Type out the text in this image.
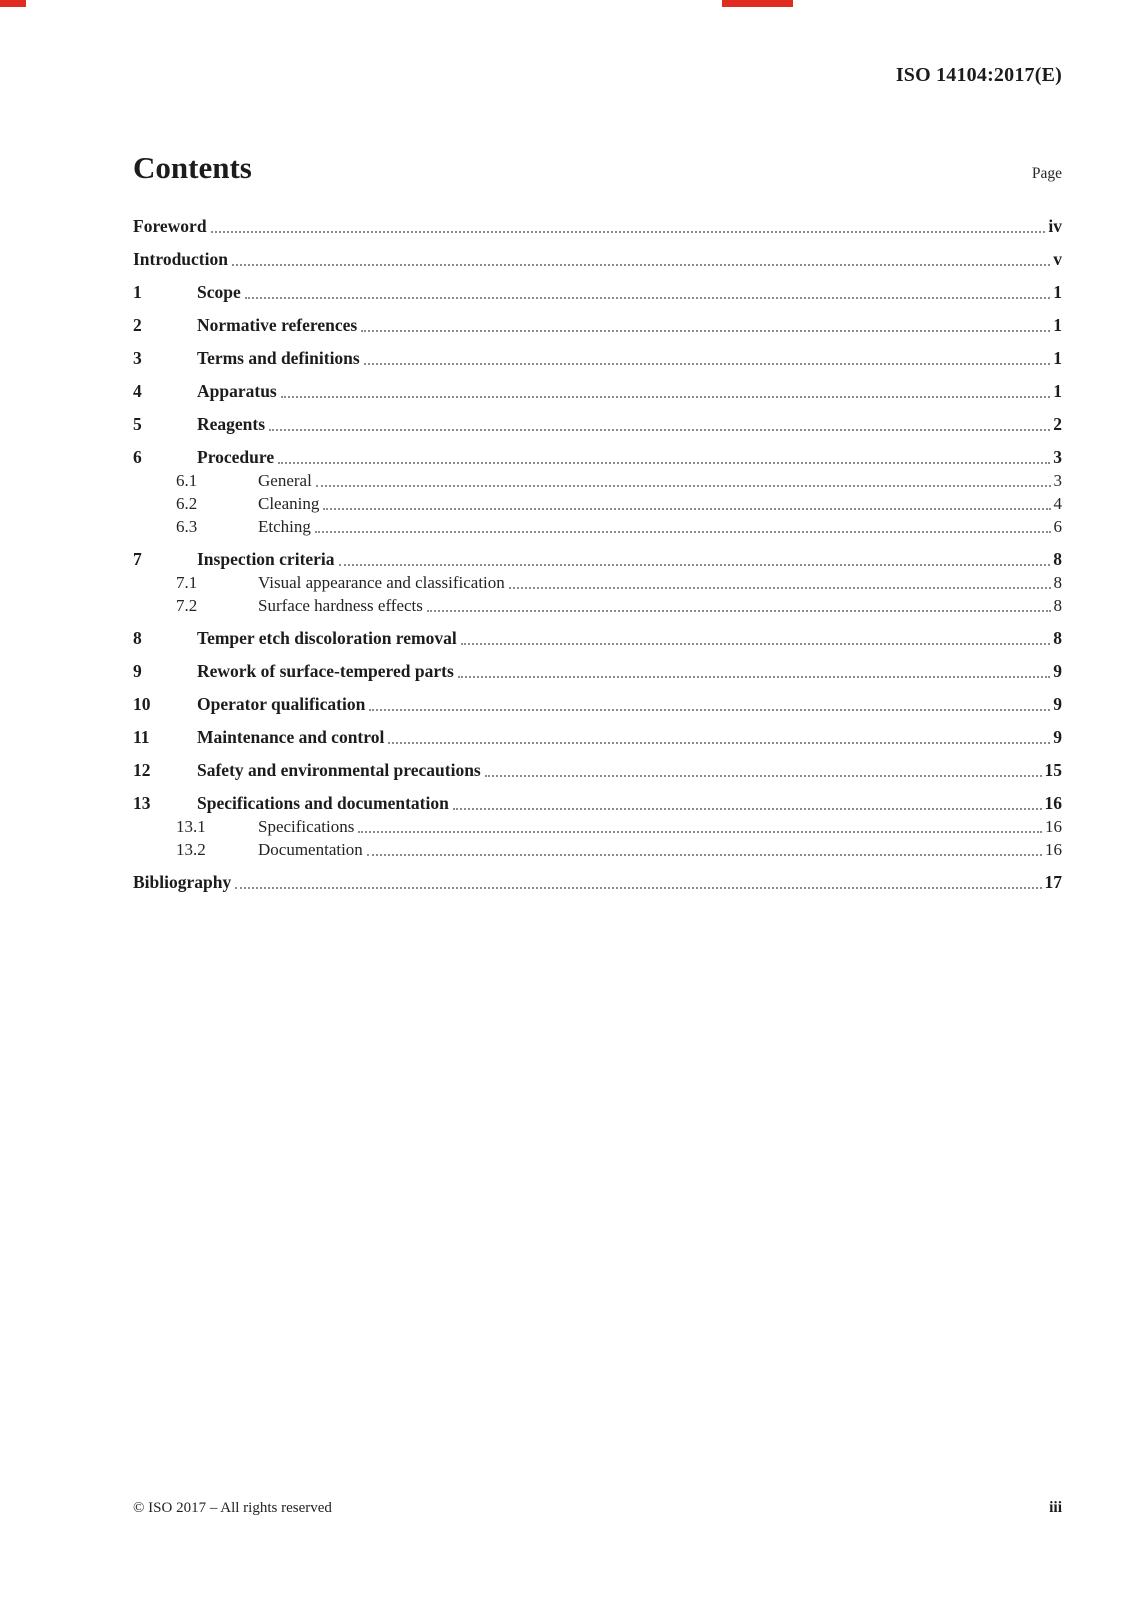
ISO 14104:2017(E)
Contents	Page
Foreword	iv
Introduction	v
1	Scope	1
2	Normative references	1
3	Terms and definitions	1
4	Apparatus	1
5	Reagents	2
6	Procedure	3
6.1	General	3
6.2	Cleaning	4
6.3	Etching	6
7	Inspection criteria	8
7.1	Visual appearance and classification	8
7.2	Surface hardness effects	8
8	Temper etch discoloration removal	8
9	Rework of surface-tempered parts	9
10	Operator qualification	9
11	Maintenance and control	9
12	Safety and environmental precautions	15
13	Specifications and documentation	16
13.1	Specifications	16
13.2	Documentation	16
Bibliography	17
© ISO 2017 – All rights reserved	iii
